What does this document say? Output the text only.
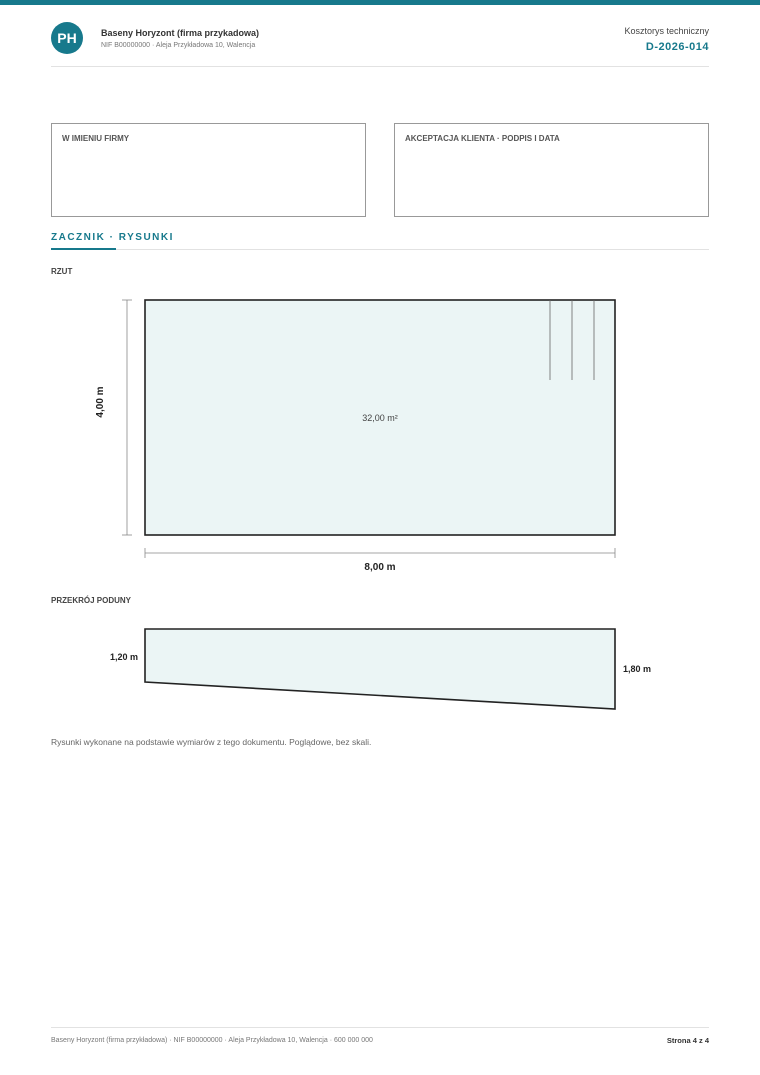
PH	Baseny Horyzont (firma przykadowa)
NIF B00000000 · Aleja Przykładowa 10, Walencja
Kosztorys techniczny
D-2026-014
W IMIENIU FIRMY	AKCEPTACJA KLIENTA · PODPIS I DATA
ZACZNIK · RYSUNKI
RZUT
32,00 m²
4,00 m
8,00 m
1,20 m
1,80 m
PRZEKRÓJ PODUNY
Rysunki wykonane na podstawie wymiarów z tego dokumentu. Poglądowe, bez skali.
Baseny Horyzont (firma przykładowa) · NIF B00000000 · Aleja Przykładowa 10, Walencja · 600 000 000	Strona 4 z 4
